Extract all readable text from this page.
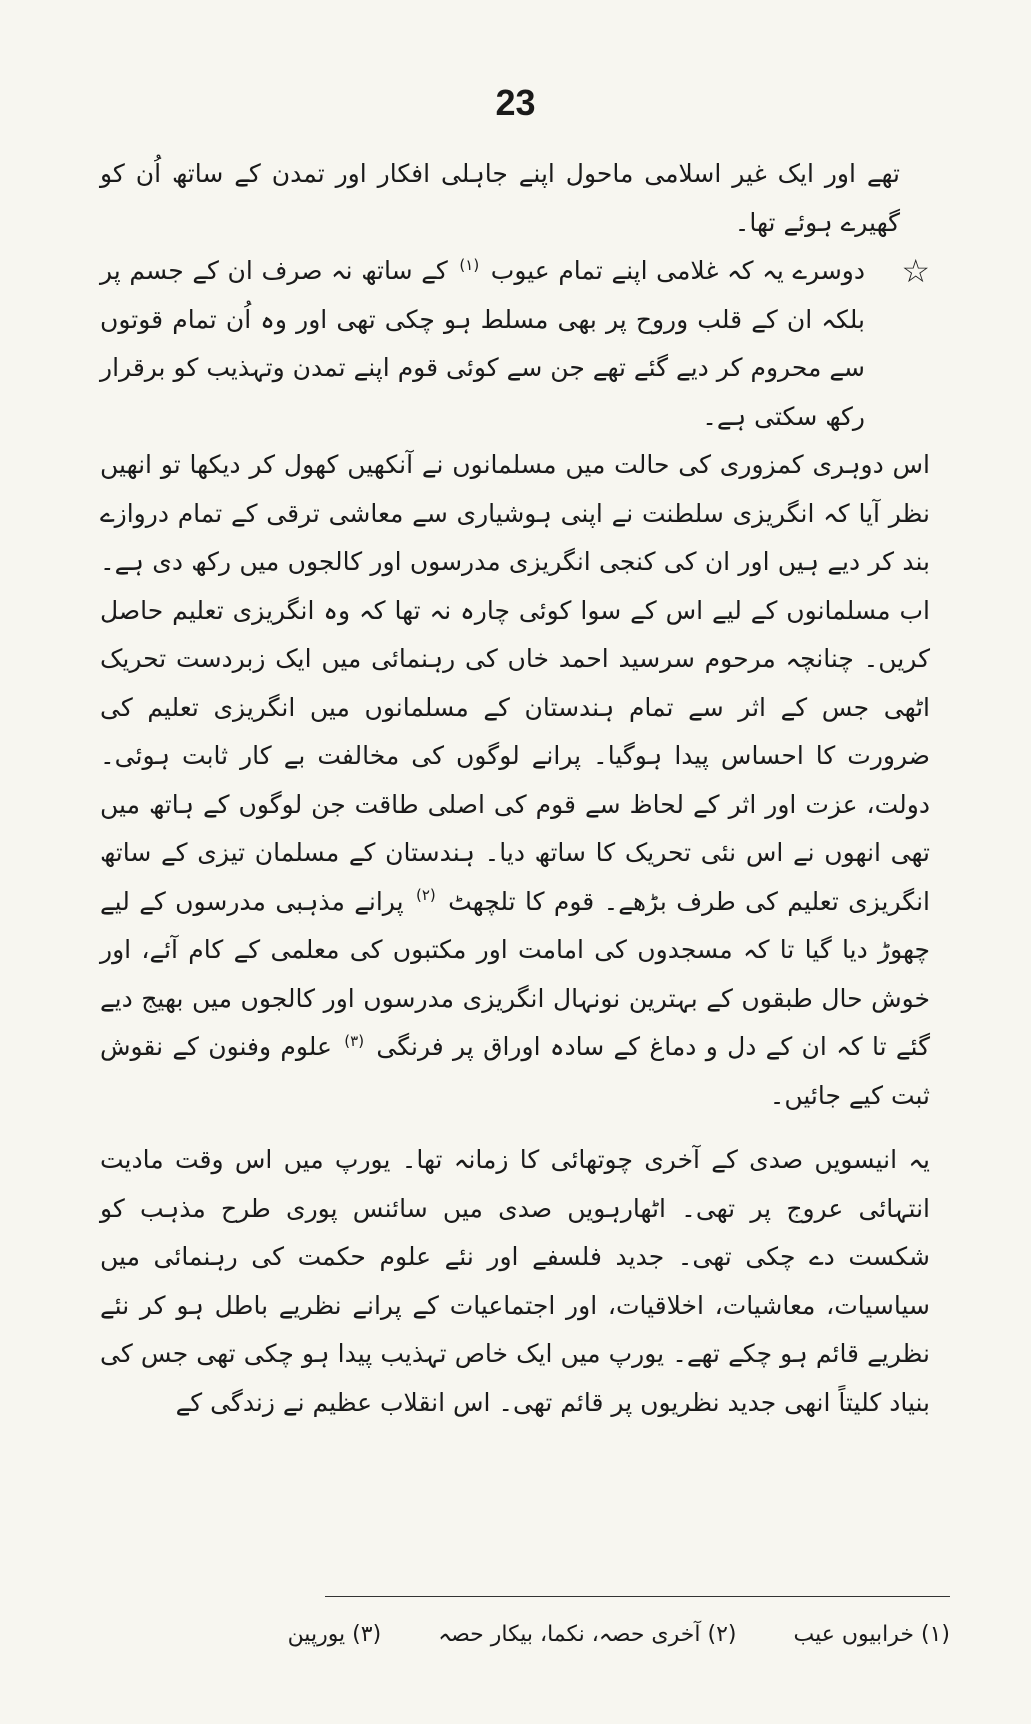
23

تھے اور ایک غیر اسلامی ماحول اپنے جاہلی افکار اور تمدن کے ساتھ اُن کو گھیرے ہوئے تھا۔

☆
دوسرے یہ کہ غلامی اپنے تمام عیوب $^{(۱)}$ کے ساتھ نہ صرف ان کے جسم پر بلکہ ان کے قلب وروح پر بھی مسلط ہو چکی تھی اور وہ اُن تمام قوتوں سے محروم کر دیے گئے تھے جن سے کوئی قوم اپنے تمدن وتہذیب کو برقرار رکھ سکتی ہے۔

اس دوہری کمزوری کی حالت میں مسلمانوں نے آنکھیں کھول کر دیکھا تو انھیں نظر آیا کہ انگریزی سلطنت نے اپنی ہوشیاری سے معاشی ترقی کے تمام دروازے بند کر دیے ہیں اور ان کی کنجی انگریزی مدرسوں اور کالجوں میں رکھ دی ہے۔ اب مسلمانوں کے لیے اس کے سوا کوئی چارہ نہ تھا کہ وہ انگریزی تعلیم حاصل کریں۔ چنانچہ مرحوم سرسید احمد خاں کی رہنمائی میں ایک زبردست تحریک اٹھی جس کے اثر سے تمام ہندستان کے مسلمانوں میں انگریزی تعلیم کی ضرورت کا احساس پیدا ہوگیا۔ پرانے لوگوں کی مخالفت بے کار ثابت ہوئی۔ دولت، عزت اور اثر کے لحاظ سے قوم کی اصلی طاقت جن لوگوں کے ہاتھ میں تھی انھوں نے اس نئی تحریک کا ساتھ دیا۔ ہندستان کے مسلمان تیزی کے ساتھ انگریزی تعلیم کی طرف بڑھے۔ قوم کا تلچھٹ $^{(۲)}$ پرانے مذہبی مدرسوں کے لیے چھوڑ دیا گیا تا کہ مسجدوں کی امامت اور مکتبوں کی معلمی کے کام آئے، اور خوش حال طبقوں کے بہترین نونہال انگریزی مدرسوں اور کالجوں میں بھیج دیے گئے تا کہ ان کے دل و دماغ کے سادہ اوراق پر فرنگی $^{(۳)}$ علوم وفنون کے نقوش ثبت کیے جائیں۔

یہ انیسویں صدی کے آخری چوتھائی کا زمانہ تھا۔ یورپ میں اس وقت مادیت انتہائی عروج پر تھی۔ اٹھارہویں صدی میں سائنس پوری طرح مذہب کو شکست دے چکی تھی۔ جدید فلسفے اور نئے علوم حکمت کی رہنمائی میں سیاسیات، معاشیات، اخلاقیات، اور اجتماعیات کے پرانے نظریے باطل ہو کر نئے نظریے قائم ہو چکے تھے۔ یورپ میں ایک خاص تہذیب پیدا ہو چکی تھی جس کی بنیاد کلیتاً انھی جدید نظریوں پر قائم تھی۔ اس انقلاب عظیم نے زندگی کے

(۱) خرابیوں عیب (۲) آخری حصہ، نکما، بیکار حصہ (۳) یورپین
